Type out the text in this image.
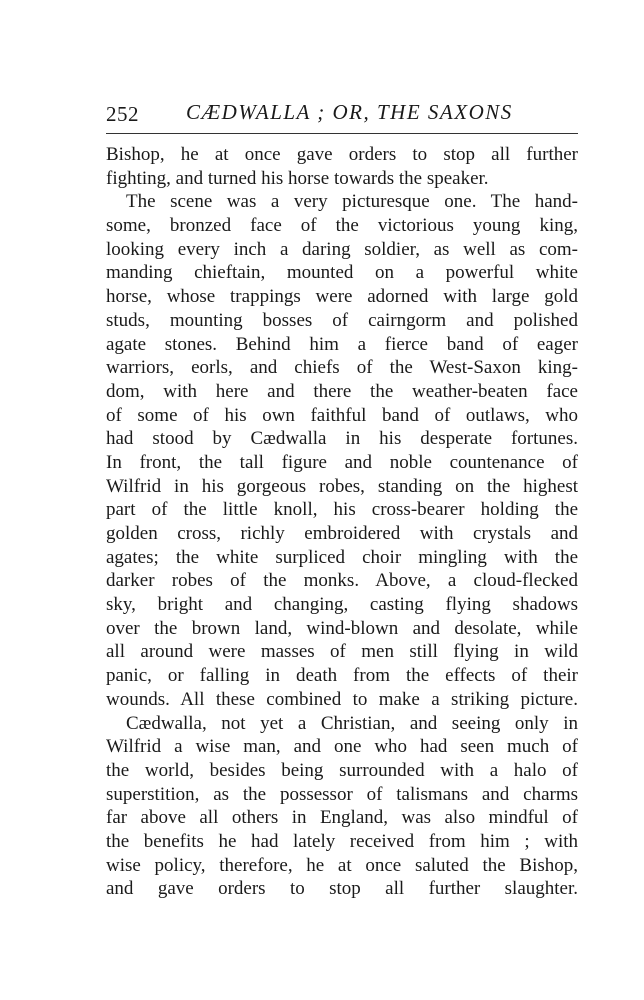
252 CÆDWALLA ; OR, THE SAXONS
Bishop, he at once gave orders to stop all further
fighting, and turned his horse towards the speaker.
The scene was a very picturesque one. The hand-
some, bronzed face of the victorious young king,
looking every inch a daring soldier, as well as com-
manding chieftain, mounted on a powerful white
horse, whose trappings were adorned with large gold
studs, mounting bosses of cairngorm and polished
agate stones. Behind him a fierce band of eager
warriors, eorls, and chiefs of the West-Saxon king-
dom, with here and there the weather-beaten face
of some of his own faithful band of outlaws, who
had stood by Cædwalla in his desperate fortunes.
In front, the tall figure and noble countenance of
Wilfrid in his gorgeous robes, standing on the highest
part of the little knoll, his cross-bearer holding the
golden cross, richly embroidered with crystals and
agates; the white surpliced choir mingling with the
darker robes of the monks. Above, a cloud-flecked
sky, bright and changing, casting flying shadows
over the brown land, wind-blown and desolate, while
all around were masses of men still flying in wild
panic, or falling in death from the effects of their
wounds. All these combined to make a striking picture.
Cædwalla, not yet a Christian, and seeing only in
Wilfrid a wise man, and one who had seen much of
the world, besides being surrounded with a halo of
superstition, as the possessor of talismans and charms
far above all others in England, was also mindful of
the benefits he had lately received from him ; with
wise policy, therefore, he at once saluted the Bishop,
and gave orders to stop all further slaughter.
